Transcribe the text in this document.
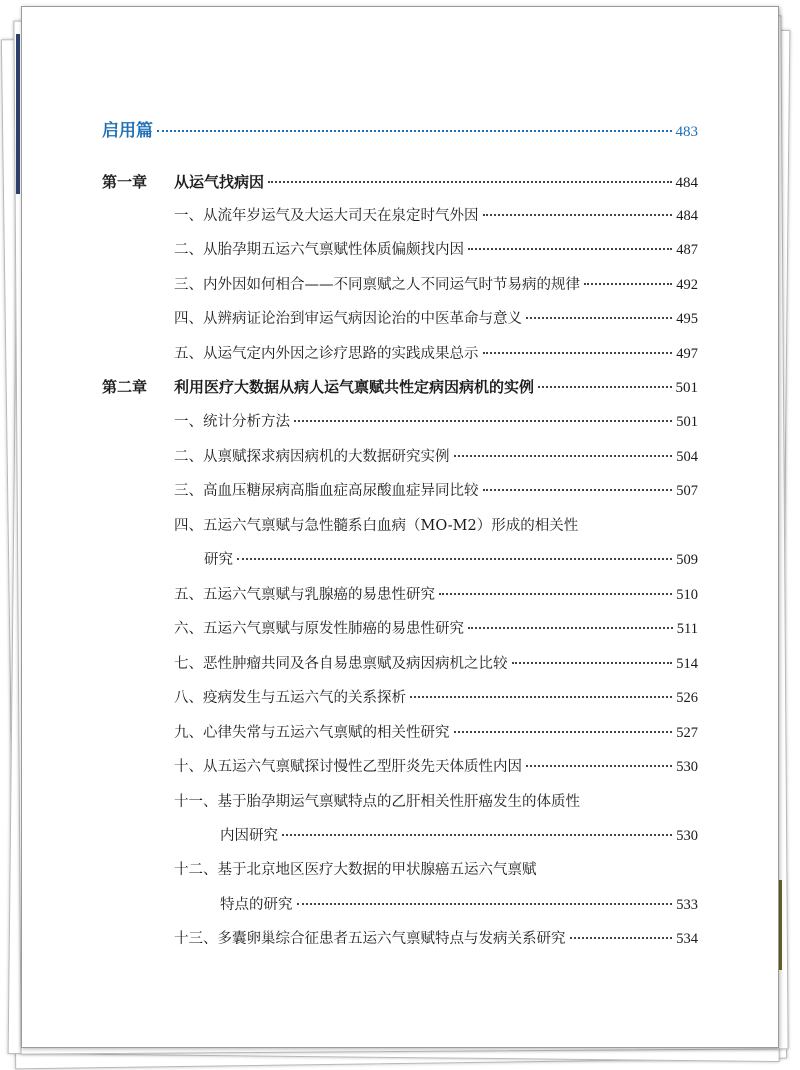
启用篇	483
第一章 从运气找病因	484
一、从流年岁运气及大运大司天在泉定时气外因	484
二、从胎孕期五运六气禀赋性体质偏颇找内因	487
三、内外因如何相合——不同禀赋之人不同运气时节易病的规律	492
四、从辨病证论治到审运气病因论治的中医革命与意义	495
五、从运气定内外因之诊疗思路的实践成果总示	497
第二章 利用医疗大数据从病人运气禀赋共性定病因病机的实例	501
一、统计分析方法	501
二、从禀赋探求病因病机的大数据研究实例	504
三、高血压糖尿病高脂血症高尿酸血症异同比较	507
四、五运六气禀赋与急性髓系白血病（MO-M2）形成的相关性
研究	509
五、五运六气禀赋与乳腺癌的易患性研究	510
六、五运六气禀赋与原发性肺癌的易患性研究	511
七、恶性肿瘤共同及各自易患禀赋及病因病机之比较	514
八、疫病发生与五运六气的关系探析	526
九、心律失常与五运六气禀赋的相关性研究	527
十、从五运六气禀赋探讨慢性乙型肝炎先天体质性内因	530
十一、基于胎孕期运气禀赋特点的乙肝相关性肝癌发生的体质性
内因研究	530
十二、基于北京地区医疗大数据的甲状腺癌五运六气禀赋
特点的研究	533
十三、多囊卵巢综合征患者五运六气禀赋特点与发病关系研究	534
